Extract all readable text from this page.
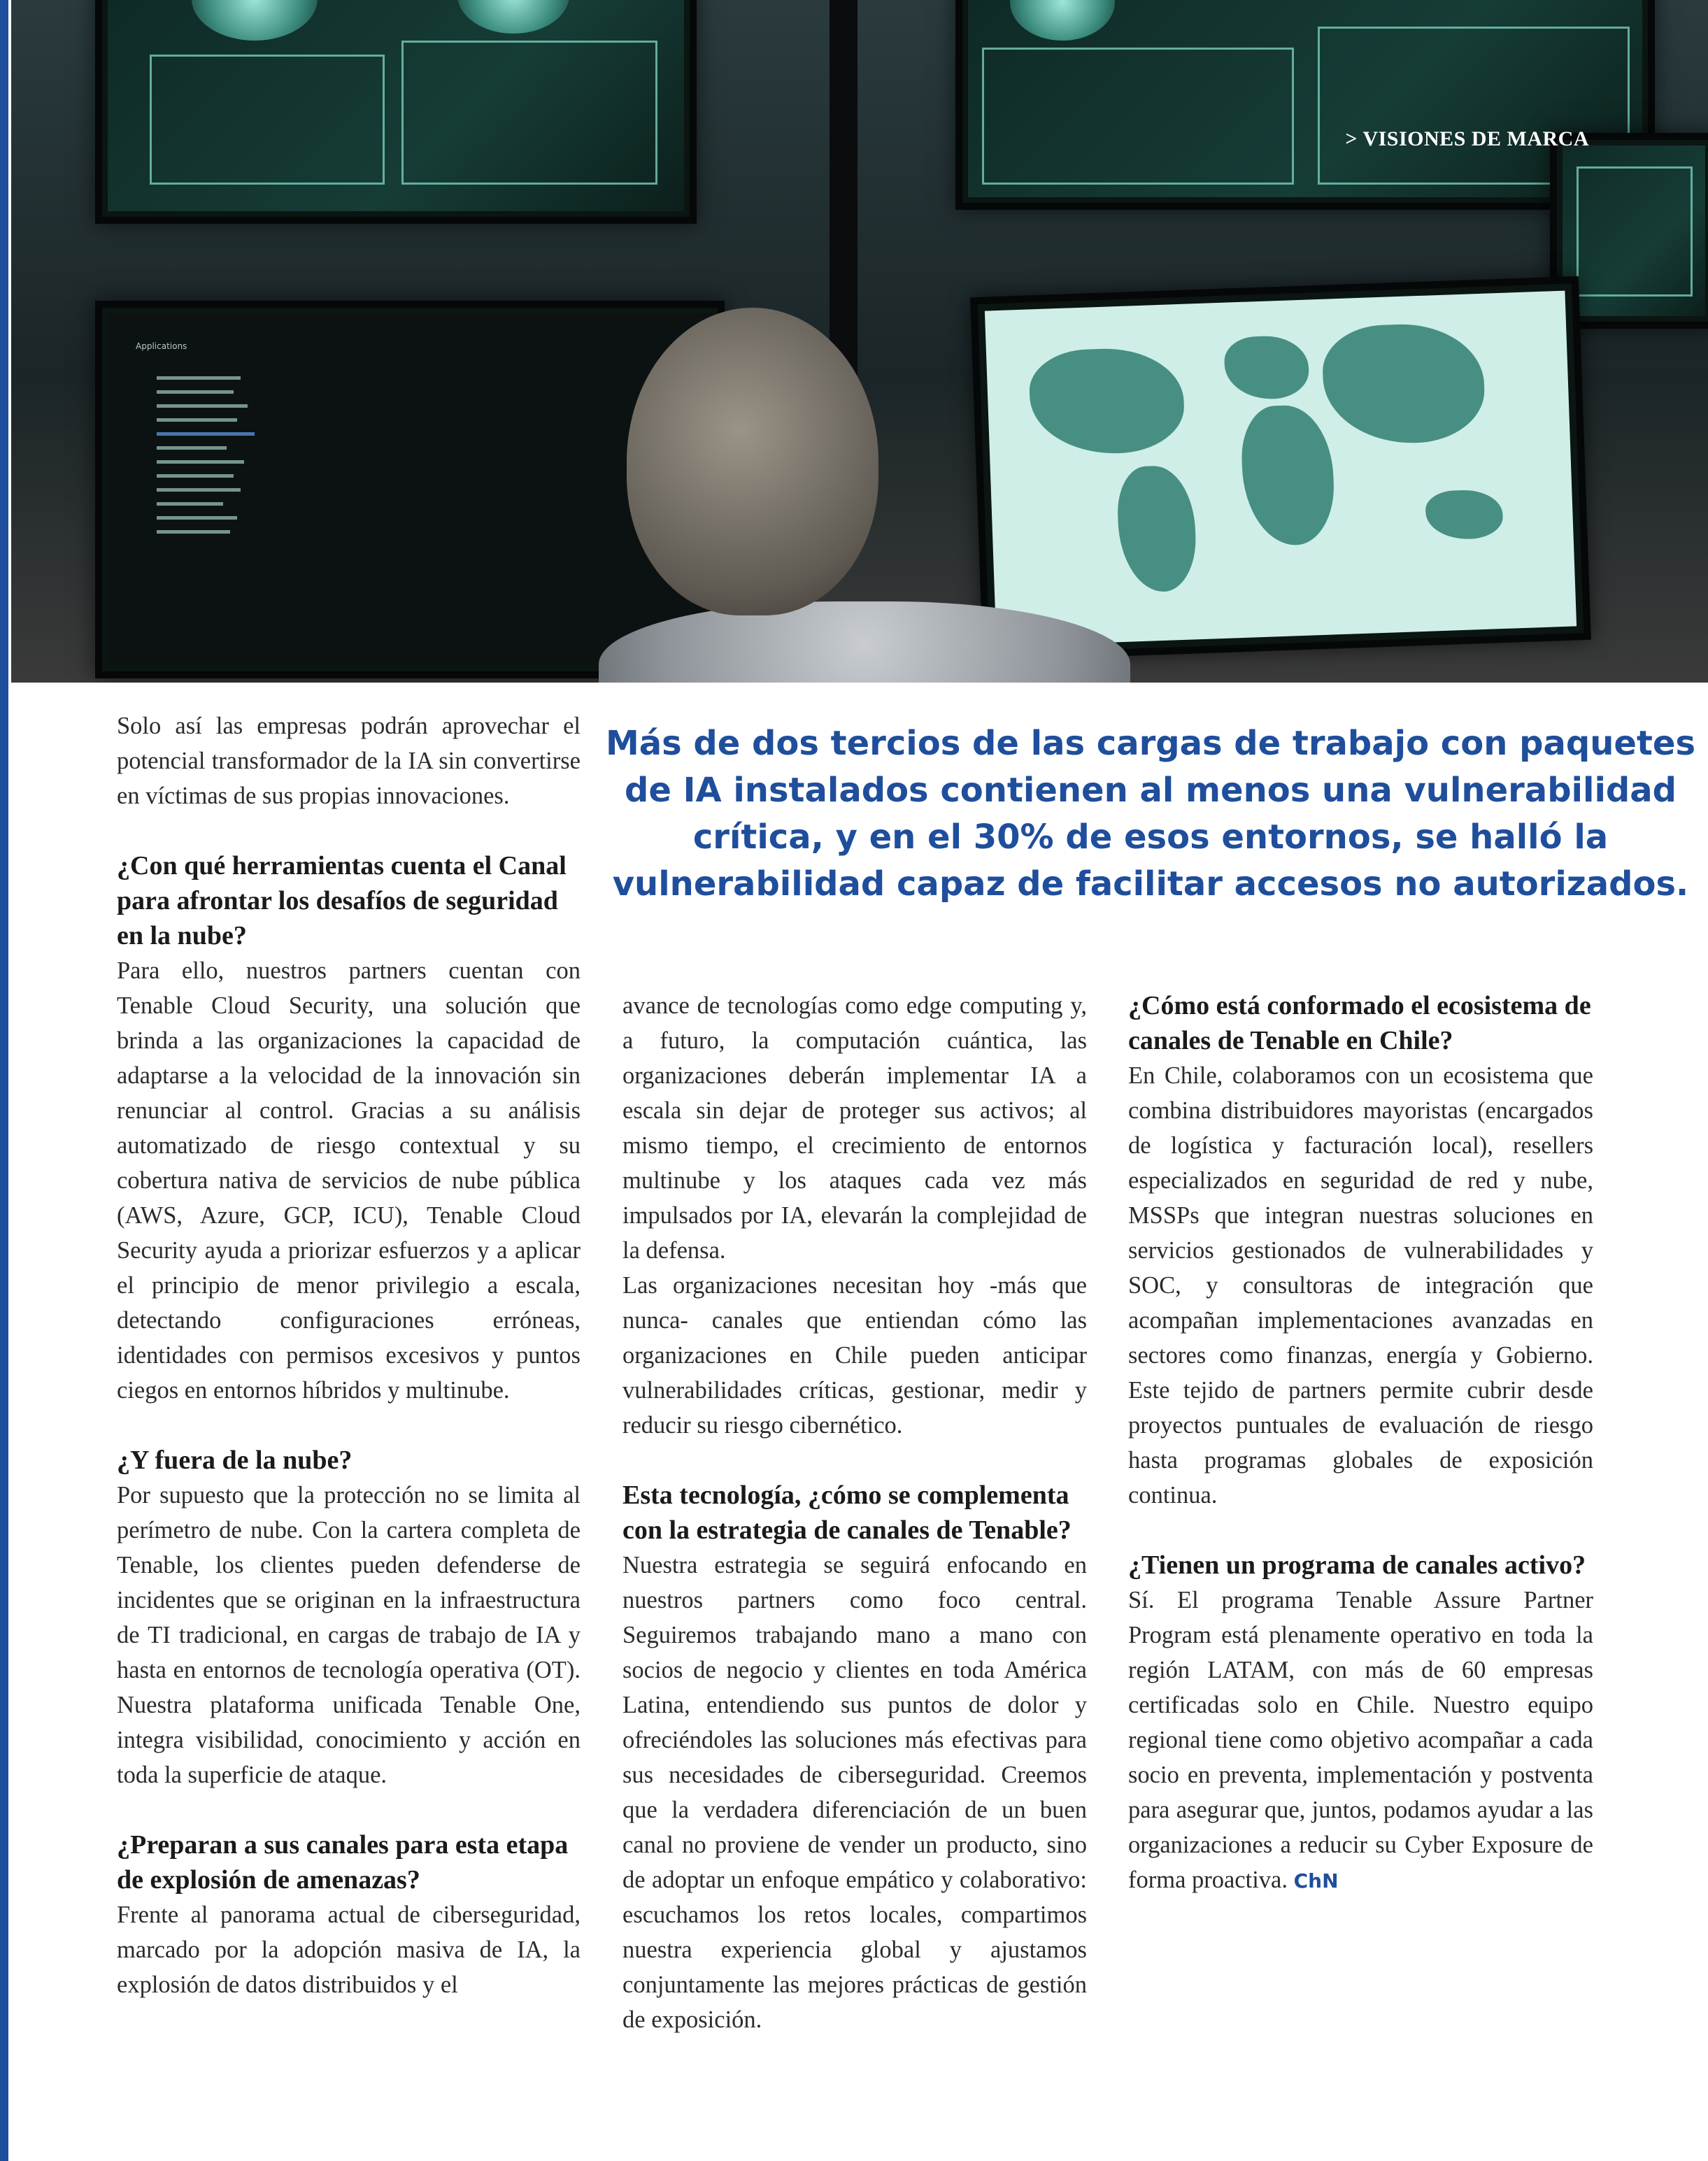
Applications
> VISIONES DE MARCA
Más de dos tercios de las cargas de trabajo con paquetes de IA instalados contienen al menos una vulnerabilidad crítica, y en el 30% de esos entornos, se halló la vulnerabilidad capaz de facilitar accesos no autorizados.

Solo así las empresas podrán aprovechar el potencial transformador de la IA sin convertirse en víctimas de sus propias innovaciones.

¿Con qué herramientas cuenta el Canal para afrontar los desafíos de seguridad en la nube?

Para ello, nuestros partners cuentan con Tenable Cloud Security, una solución que brinda a las organizaciones la capacidad de adaptarse a la velocidad de la innovación sin renunciar al control. Gracias a su análisis automatizado de riesgo contextual y su cobertura nativa de servicios de nube pública (AWS, Azure, GCP, ICU), Tenable Cloud Security ayuda a priorizar esfuerzos y a aplicar el principio de menor privilegio a escala, detectando configuraciones erróneas, identidades con permisos excesivos y puntos ciegos en entornos híbridos y multinube.

¿Y fuera de la nube?

Por supuesto que la protección no se limita al perímetro de nube. Con la cartera completa de Tenable, los clientes pueden defenderse de incidentes que se originan en la infraestructura de TI tradicional, en cargas de trabajo de IA y hasta en entornos de tecnología operativa (OT). Nuestra plataforma unificada Tenable One, integra visibilidad, conocimiento y acción en toda la superficie de ataque.

¿Preparan a sus canales para esta etapa de explosión de amenazas?

Frente al panorama actual de ciberseguridad, marcado por la adopción masiva de IA, la explosión de datos distribuidos y el

avance de tecnologías como edge computing y, a futuro, la computación cuántica, las organizaciones deberán implementar IA a escala sin dejar de proteger sus activos; al mismo tiempo, el crecimiento de entornos multinube y los ataques cada vez más impulsados por IA, elevarán la complejidad de la defensa.

Las organizaciones necesitan hoy -más que nunca- canales que entiendan cómo las organizaciones en Chile pueden anticipar vulnerabilidades críticas, gestionar, medir y reducir su riesgo cibernético.

Esta tecnología, ¿cómo se complementa con la estrategia de canales de Tenable?

Nuestra estrategia se seguirá enfocando en nuestros partners como foco central. Seguiremos trabajando mano a mano con socios de negocio y clientes en toda América Latina, entendiendo sus puntos de dolor y ofreciéndoles las soluciones más efectivas para sus necesidades de ciberseguridad. Creemos que la verdadera diferenciación de un buen canal no proviene de vender un producto, sino de adoptar un enfoque empático y colaborativo: escuchamos los retos locales, compartimos nuestra experiencia global y ajustamos conjuntamente las mejores prácticas de gestión de exposición.

¿Cómo está conformado el ecosistema de canales de Tenable en Chile?

En Chile, colaboramos con un ecosistema que combina distribuidores mayoristas (encargados de logística y facturación local), resellers especializados en seguridad de red y nube, MSSPs que integran nuestras soluciones en servicios gestionados de vulnerabilidades y SOC, y consultoras de integración que acompañan implementaciones avanzadas en sectores como finanzas, energía y Gobierno. Este tejido de partners permite cubrir desde proyectos puntuales de evaluación de riesgo hasta programas globales de exposición continua.

¿Tienen un programa de canales activo?

Sí. El programa Tenable Assure Partner Program está plenamente operativo en toda la región LATAM, con más de 60 empresas certificadas solo en Chile. Nuestro equipo regional tiene como objetivo acompañar a cada socio en preventa, implementación y postventa para asegurar que, juntos, podamos ayudar a las organizaciones a reducir su Cyber Exposure de forma proactiva. ChN
